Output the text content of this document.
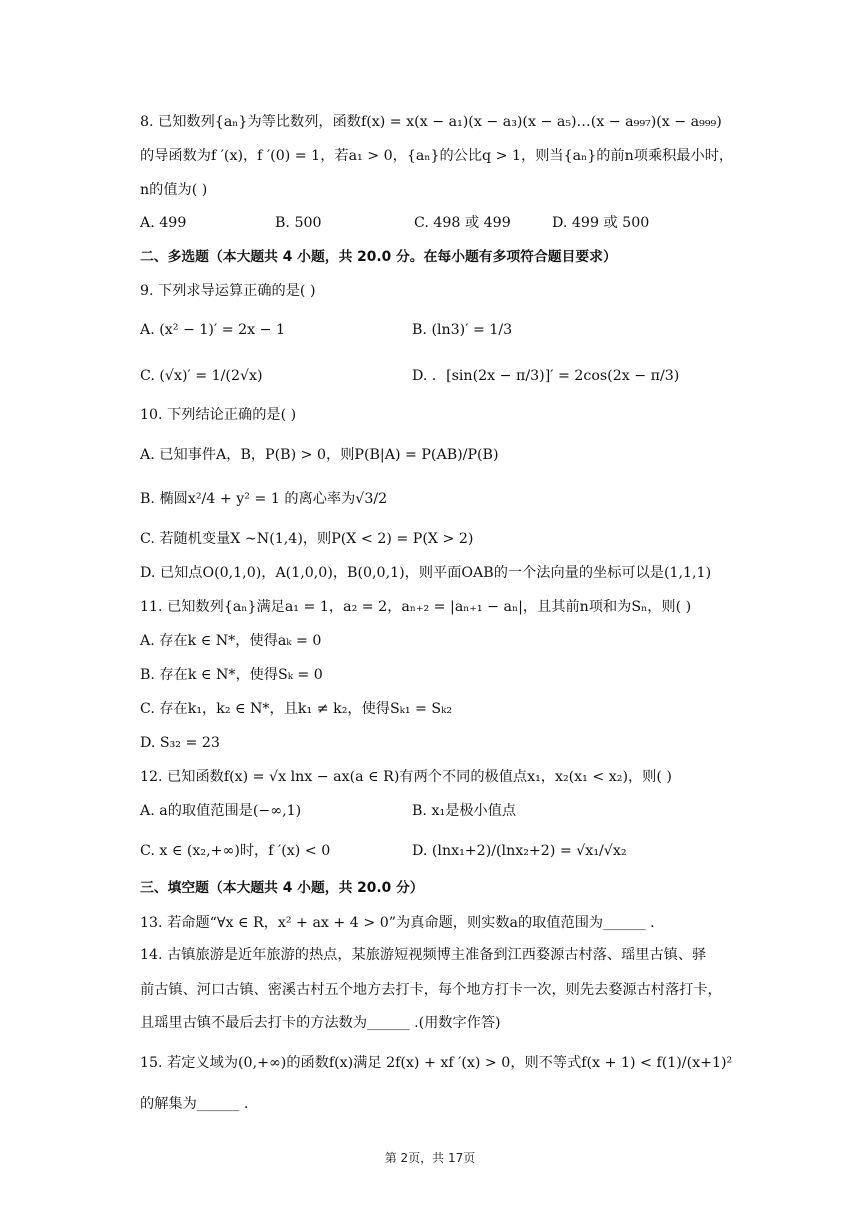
8. 已知数列{aₙ}为等比数列，函数f(x) = x(x − a₁)(x − a₃)(x − a₅)…(x − a₉₉₇)(x − a₉₉₉)
的导函数为f ′(x)，f ′(0) = 1，若a₁ > 0，{aₙ}的公比q > 1，则当{aₙ}的前n项乘积最小时，
n的值为( )
A. 499	B. 500	C. 498 或 499	D. 499 或 500
二、多选题（本大题共 4 小题，共 20.0 分。在每小题有多项符合题目要求）
9. 下列求导运算正确的是( )
A. (x² − 1)′ = 2x − 1	B. (ln3)′ = 1/3
C. (√x)′ = 1/(2√x)	D. ．[sin(2x − π/3)]′ = 2cos(2x − π/3)
10. 下列结论正确的是( )
A. 已知事件A，B，P(B) > 0，则P(B|A) = P(AB)/P(B)
B. 椭圆x²/4 + y² = 1 的离心率为√3/2
C. 若随机变量X ∼N(1,4)，则P(X < 2) = P(X > 2)
D. 已知点O(0,1,0)，A(1,0,0)，B(0,0,1)，则平面OAB的一个法向量的坐标可以是(1,1,1)
11. 已知数列{aₙ}满足a₁ = 1，a₂ = 2，aₙ₊₂ = |aₙ₊₁ − aₙ|，且其前n项和为Sₙ，则( )
A. 存在k ∈ N*，使得aₖ = 0
B. 存在k ∈ N*，使得Sₖ = 0
C. 存在k₁，k₂ ∈ N*，且k₁ ≠ k₂，使得Sₖ₁ = Sₖ₂
D. S₃₂ = 23
12. 已知函数f(x) = √x lnx − ax(a ∈ R)有两个不同的极值点x₁，x₂(x₁ < x₂)，则( )
A. a的取值范围是(−∞,1)	B. x₁是极小值点
C. x ∈ (x₂,+∞)时，f ′(x) < 0	D. (lnx₁+2)/(lnx₂+2) = √x₁/√x₂
三、填空题（本大题共 4 小题，共 20.0 分）
13. 若命题“∀x ∈ R，x² + ax + 4 > 0”为真命题，则实数a的取值范围为______ .
14. 古镇旅游是近年旅游的热点，某旅游短视频博主准备到江西婺源古村落、瑶里古镇、驿
前古镇、河口古镇、密溪古村五个地方去打卡，每个地方打卡一次，则先去婺源古村落打卡，
且瑶里古镇不最后去打卡的方法数为______ .(用数字作答)
15. 若定义域为(0,+∞)的函数f(x)满足 2f(x) + xf ′(x) > 0，则不等式f(x + 1) < f(1)/(x+1)²
的解集为______ .
第 2页，共 17页
